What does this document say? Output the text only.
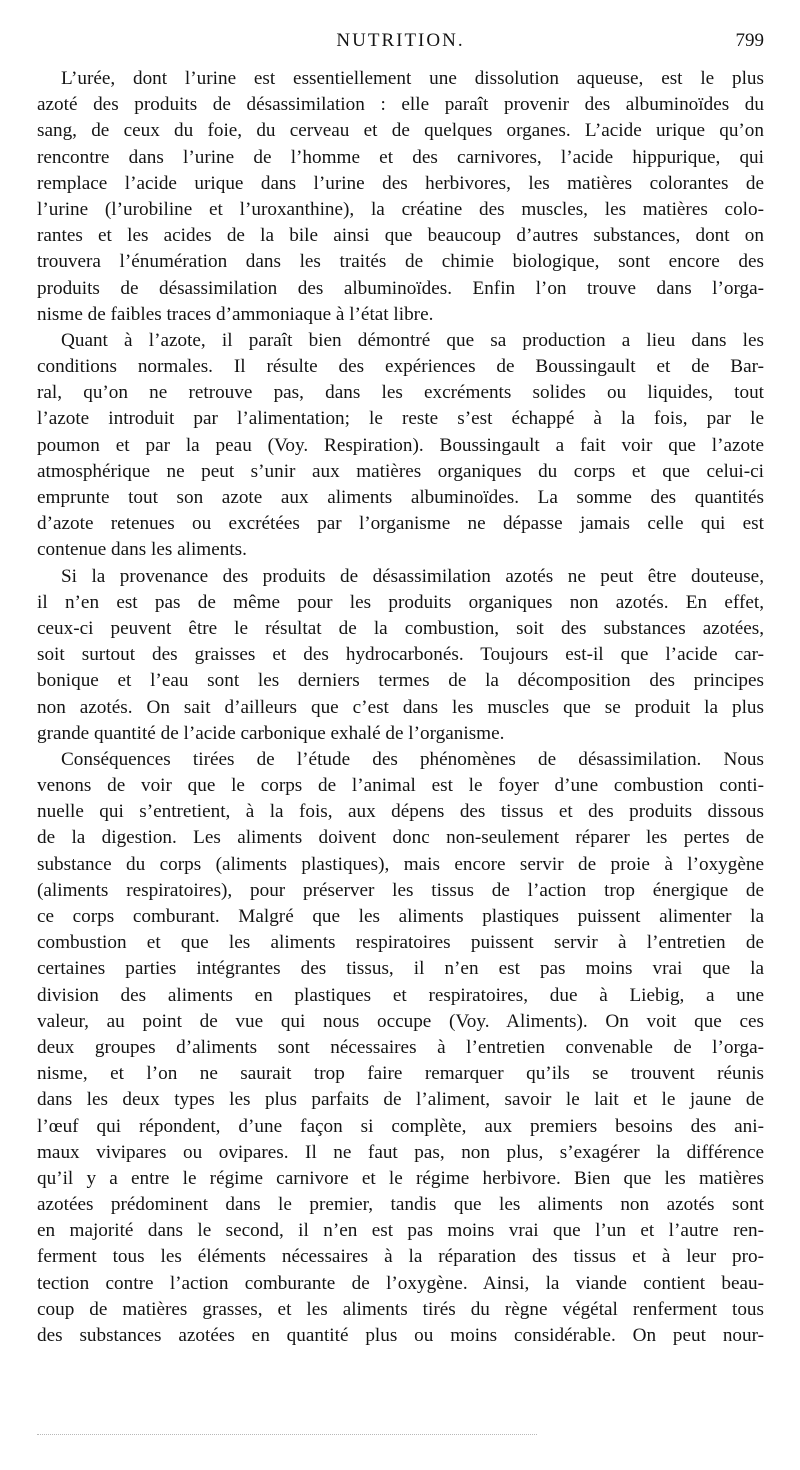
NUTRITION.	799
L’urée, dont l’urine est essentiellement une dissolution aqueuse, est le plus
azoté des produits de désassimilation : elle paraît provenir des albuminoïdes du
sang, de ceux du foie, du cerveau et de quelques organes. L’acide urique qu’on
rencontre dans l’urine de l’homme et des carnivores, l’acide hippurique, qui
remplace l’acide urique dans l’urine des herbivores, les matières colorantes de
l’urine (l’urobiline et l’uroxanthine), la créatine des muscles, les matières colo-
rantes et les acides de la bile ainsi que beaucoup d’autres substances, dont on
trouvera l’énumération dans les traités de chimie biologique, sont encore des
produits de désassimilation des albuminoïdes. Enfin l’on trouve dans l’orga-
nisme de faibles traces d’ammoniaque à l’état libre.
Quant à l’azote, il paraît bien démontré que sa production a lieu dans les
conditions normales. Il résulte des expériences de Boussingault et de Bar-
ral, qu’on ne retrouve pas, dans les excréments solides ou liquides, tout
l’azote introduit par l’alimentation; le reste s’est échappé à la fois, par le
poumon et par la peau (Voy. Respiration). Boussingault a fait voir que l’azote
atmosphérique ne peut s’unir aux matières organiques du corps et que celui-ci
emprunte tout son azote aux aliments albuminoïdes. La somme des quantités
d’azote retenues ou excrétées par l’organisme ne dépasse jamais celle qui est
contenue dans les aliments.
Si la provenance des produits de désassimilation azotés ne peut être douteuse,
il n’en est pas de même pour les produits organiques non azotés. En effet,
ceux-ci peuvent être le résultat de la combustion, soit des substances azotées,
soit surtout des graisses et des hydrocarbonés. Toujours est-il que l’acide car-
bonique et l’eau sont les derniers termes de la décomposition des principes
non azotés. On sait d’ailleurs que c’est dans les muscles que se produit la plus
grande quantité de l’acide carbonique exhalé de l’organisme.
Conséquences tirées de l’étude des phénomènes de désassimilation. Nous
venons de voir que le corps de l’animal est le foyer d’une combustion conti-
nuelle qui s’entretient, à la fois, aux dépens des tissus et des produits dissous
de la digestion. Les aliments doivent donc non-seulement réparer les pertes de
substance du corps (aliments plastiques), mais encore servir de proie à l’oxygène
(aliments respiratoires), pour préserver les tissus de l’action trop énergique de
ce corps comburant. Malgré que les aliments plastiques puissent alimenter la
combustion et que les aliments respiratoires puissent servir à l’entretien de
certaines parties intégrantes des tissus, il n’en est pas moins vrai que la
division des aliments en plastiques et respiratoires, due à Liebig, a une
valeur, au point de vue qui nous occupe (Voy. Aliments). On voit que ces
deux groupes d’aliments sont nécessaires à l’entretien convenable de l’orga-
nisme, et l’on ne saurait trop faire remarquer qu’ils se trouvent réunis
dans les deux types les plus parfaits de l’aliment, savoir le lait et le jaune de
l’œuf qui répondent, d’une façon si complète, aux premiers besoins des ani-
maux vivipares ou ovipares. Il ne faut pas, non plus, s’exagérer la différence
qu’il y a entre le régime carnivore et le régime herbivore. Bien que les matières
azotées prédominent dans le premier, tandis que les aliments non azotés sont
en majorité dans le second, il n’en est pas moins vrai que l’un et l’autre ren-
ferment tous les éléments nécessaires à la réparation des tissus et à leur pro-
tection contre l’action comburante de l’oxygène. Ainsi, la viande contient beau-
coup de matières grasses, et les aliments tirés du règne végétal renferment tous
des substances azotées en quantité plus ou moins considérable. On peut nour-
